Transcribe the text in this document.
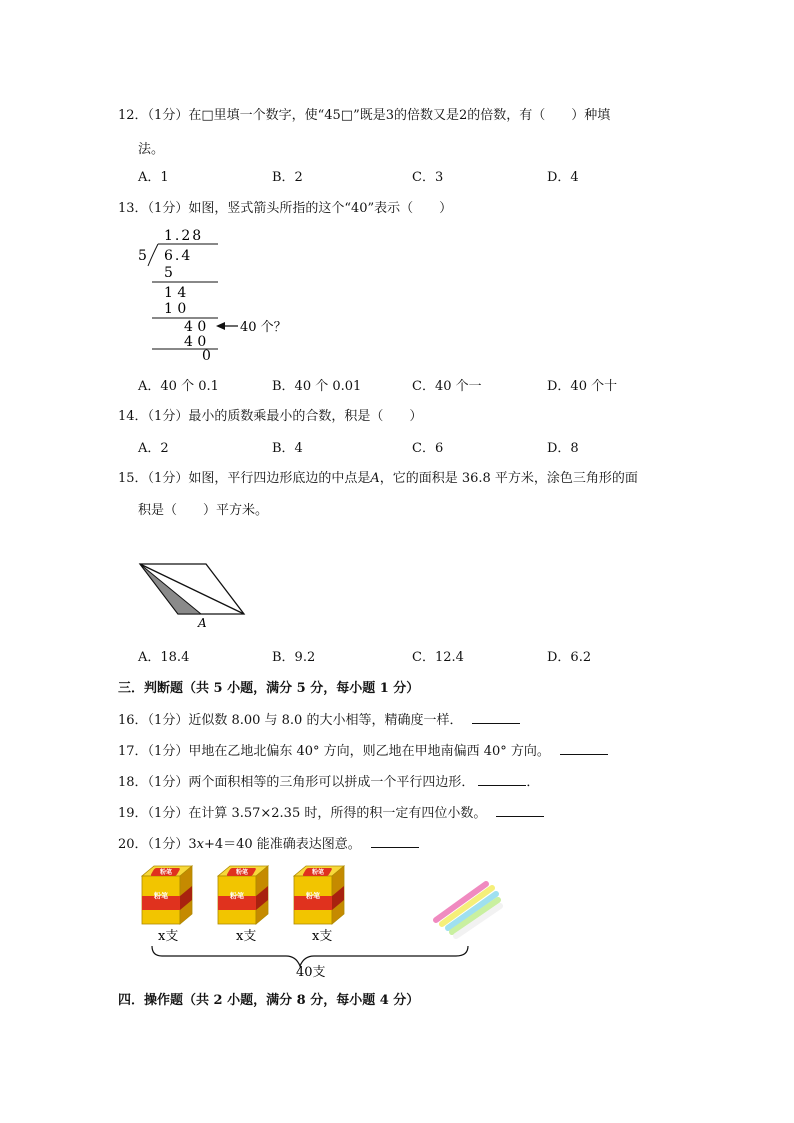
12．（1分）在□里填一个数字，使“45□”既是3的倍数又是2的倍数，有（　　）种填
法。
A．1	B．2	C．3	D．4
13．（1分）如图，竖式箭头所指的这个“40”表示（　　）
1.28
5 6.4
5
1 4
1 0
4 0
4 0
0
40 个？
A．40 个 0.1	B．40 个 0.01	C．40 个一	D．40 个十
14．（1分）最小的质数乘最小的合数，积是（　　）
A．2	B．4	C．6	D．8
15．（1分）如图，平行四边形底边的中点是A，它的面积是 36.8 平方米，涂色三角形的面
积是（　　）平方米。
A
A．18.4	B．9.2	C．12.4	D．6.2
三．判断题（共 5 小题，满分 5 分，每小题 1 分）
16．（1分）近似数 8.00 与 8.0 的大小相等，精确度一样．
17．（1分）甲地在乙地北偏东 40° 方向，则乙地在甲地南偏西 40° 方向。
18．（1分）两个面积相等的三角形可以拼成一个平行四边形．	．
19．（1分）在计算 3.57×2.35 时，所得的积一定有四位小数。
20．（1分）3x+4＝40 能准确表达图意。
粉笔
粉笔
x支
粉笔
粉笔
x支
粉笔
粉笔
x支
40支
四．操作题（共 2 小题，满分 8 分，每小题 4 分）
